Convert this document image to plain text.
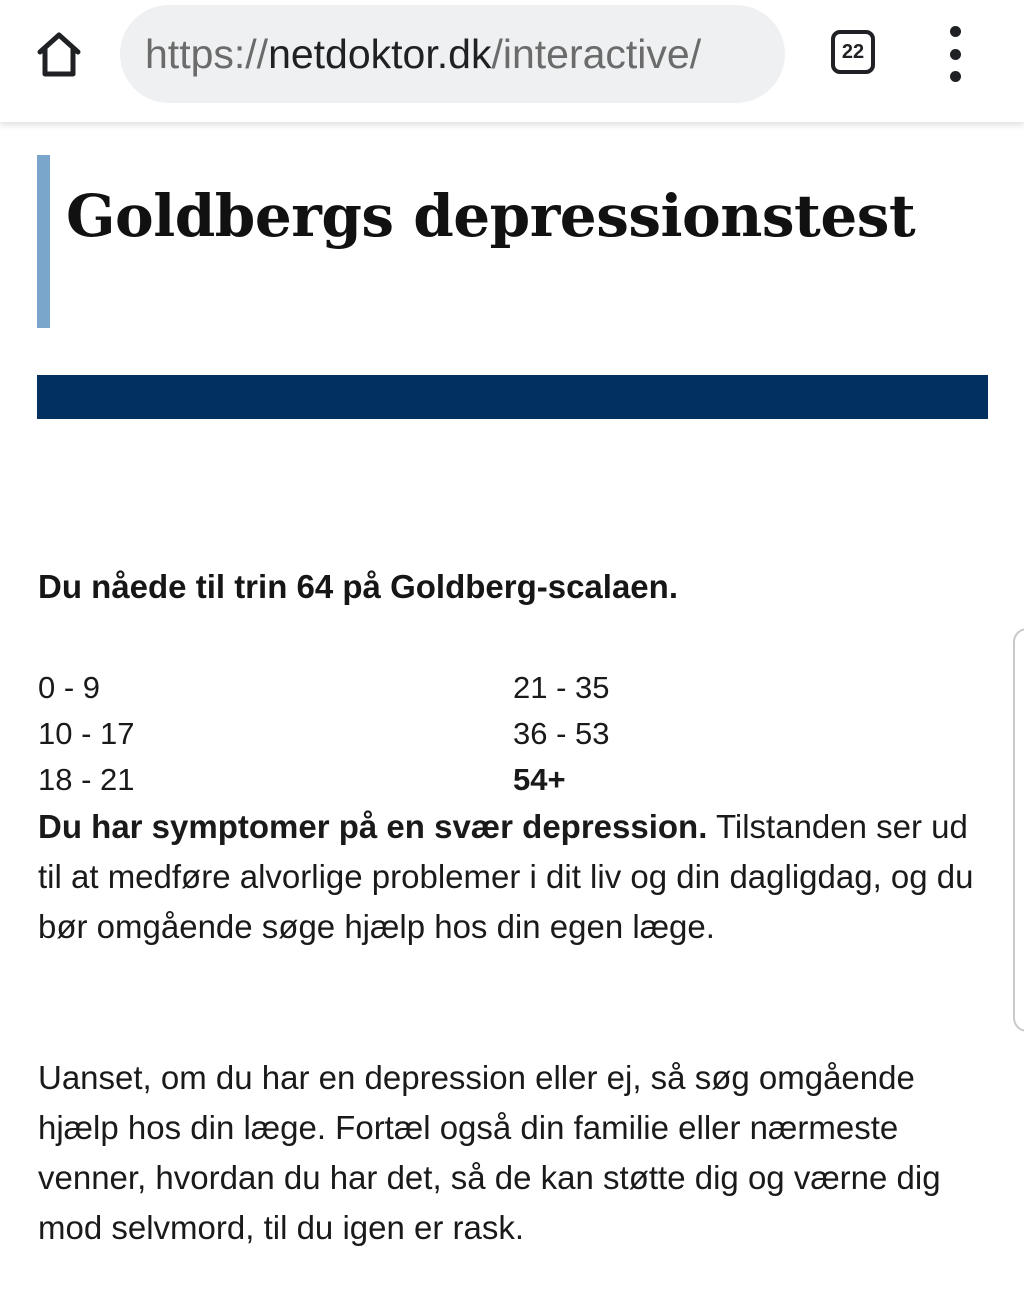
https://netdoktor.dk/interactive/	22
Goldbergs depressionstest
Du nåede til trin 64 på Goldberg-scalaen.
0 - 9	21 - 35
10 - 17	36 - 53
18 - 21	54+

Du har symptomer på en svær depression. Tilstanden ser ud til at medføre alvorlige problemer i dit liv og din dagligdag, og du bør omgående søge hjælp hos din egen læge.

Uanset, om du har en depression eller ej, så søg omgående hjælp hos din læge. Fortæl også din familie eller nærmeste venner, hvordan du har det, så de kan støtte dig og værne dig mod selvmord, til du igen er rask.
